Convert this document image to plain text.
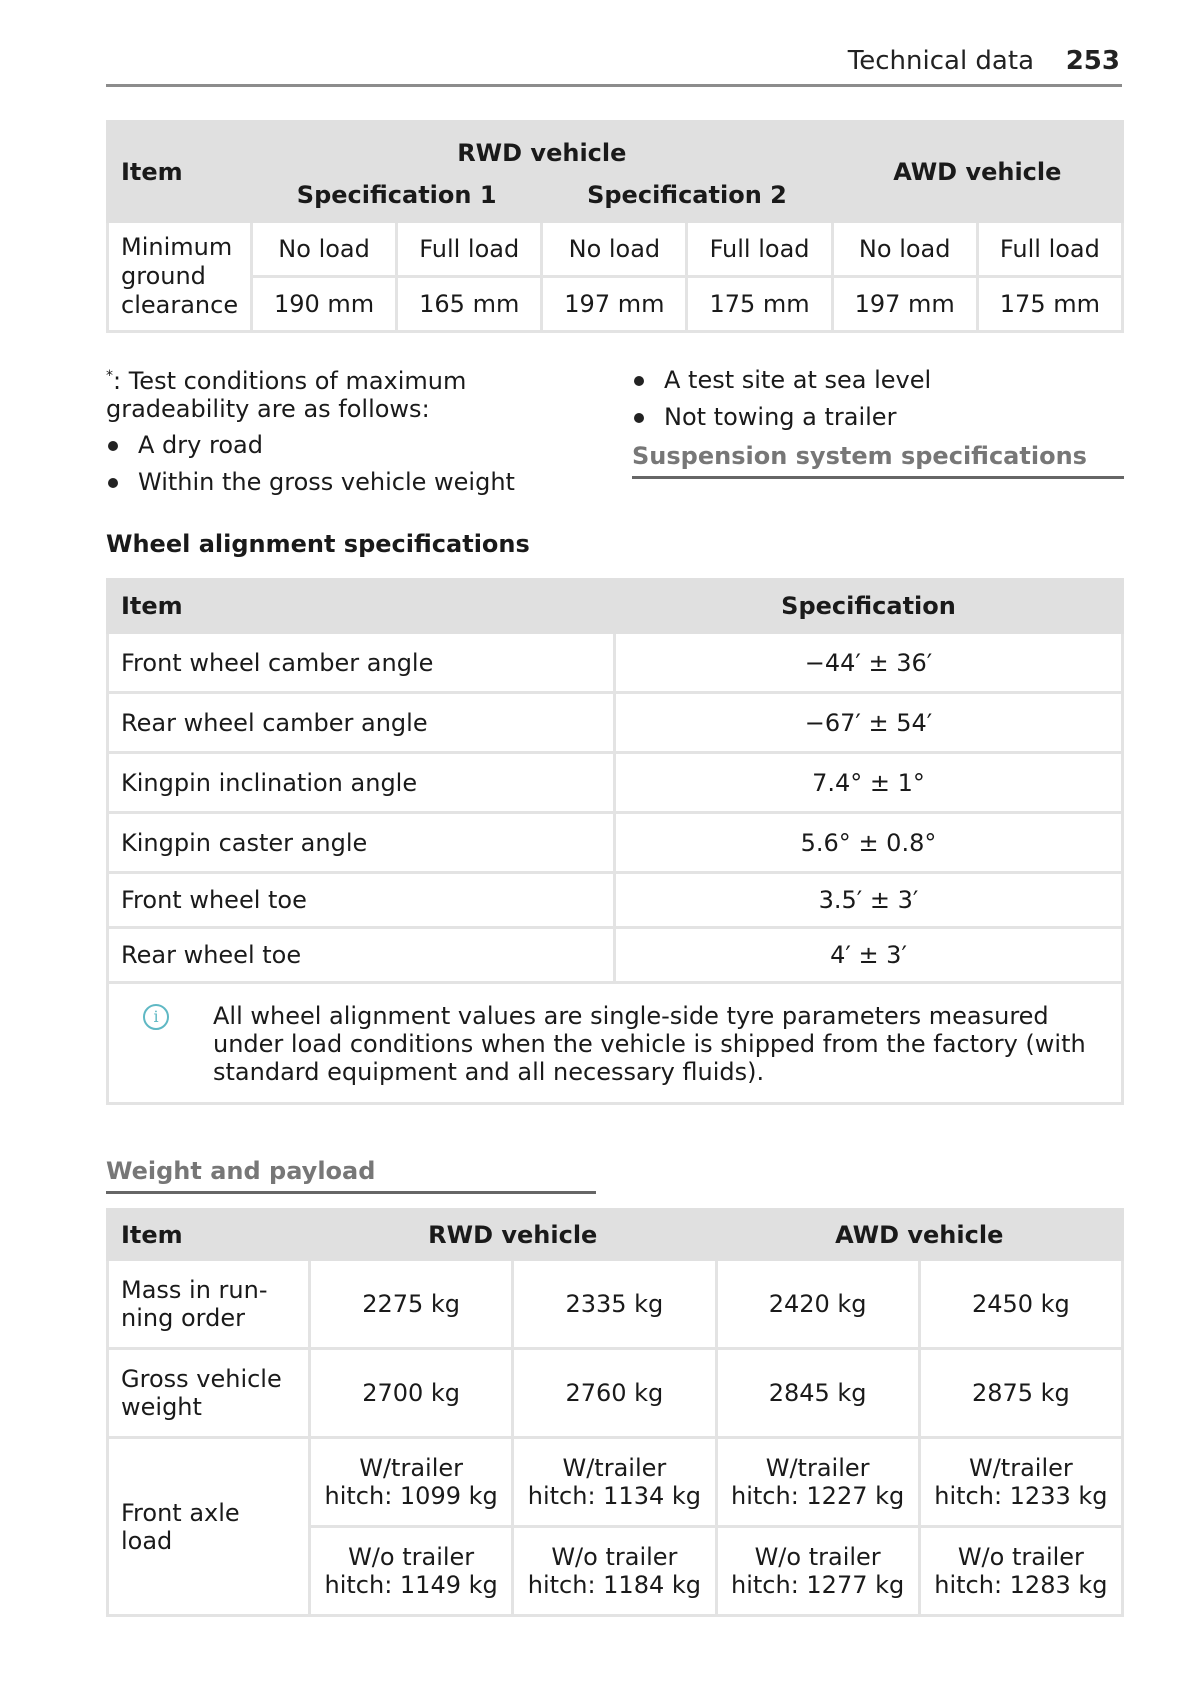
Technical data 253
Item	RWD vehicle				AWD vehicle	
	Specification 1		Specification 2			
Minimum ground clearance	No load	Full load	No load	Full load	No load	Full load
	190 mm	165 mm	197 mm	175 mm	197 mm	175 mm
*: Test conditions of maximum gradeability are as follows:
A dry road
Within the gross vehicle weight
A test site at sea level
Not towing a trailer
Suspension system specifications
Wheel alignment specifications
Item	Specification
Front wheel camber angle	−44′ ± 36′
Rear wheel camber angle	−67′ ± 54′
Kingpin inclination angle	7.4° ± 1°
Kingpin caster angle	5.6° ± 0.8°
Front wheel toe	3.5′ ± 3′
Rear wheel toe	4′ ± 3′

i All wheel alignment values are single-side tyre parameters measured under load conditions when the vehicle is shipped from the factory (with standard equipment and all necessary fluids).	
Weight and payload
Item	RWD vehicle		AWD vehicle	
Mass in run-ning order	2275 kg	2335 kg	2420 kg	2450 kg
Gross vehicle weight	2700 kg	2760 kg	2845 kg	2875 kg
Front axle load	W/trailer hitch: 1099 kg	W/trailer hitch: 1134 kg	W/trailer hitch: 1227 kg	W/trailer hitch: 1233 kg
	W/o trailer hitch: 1149 kg	W/o trailer hitch: 1184 kg	W/o trailer hitch: 1277 kg	W/o trailer hitch: 1283 kg
